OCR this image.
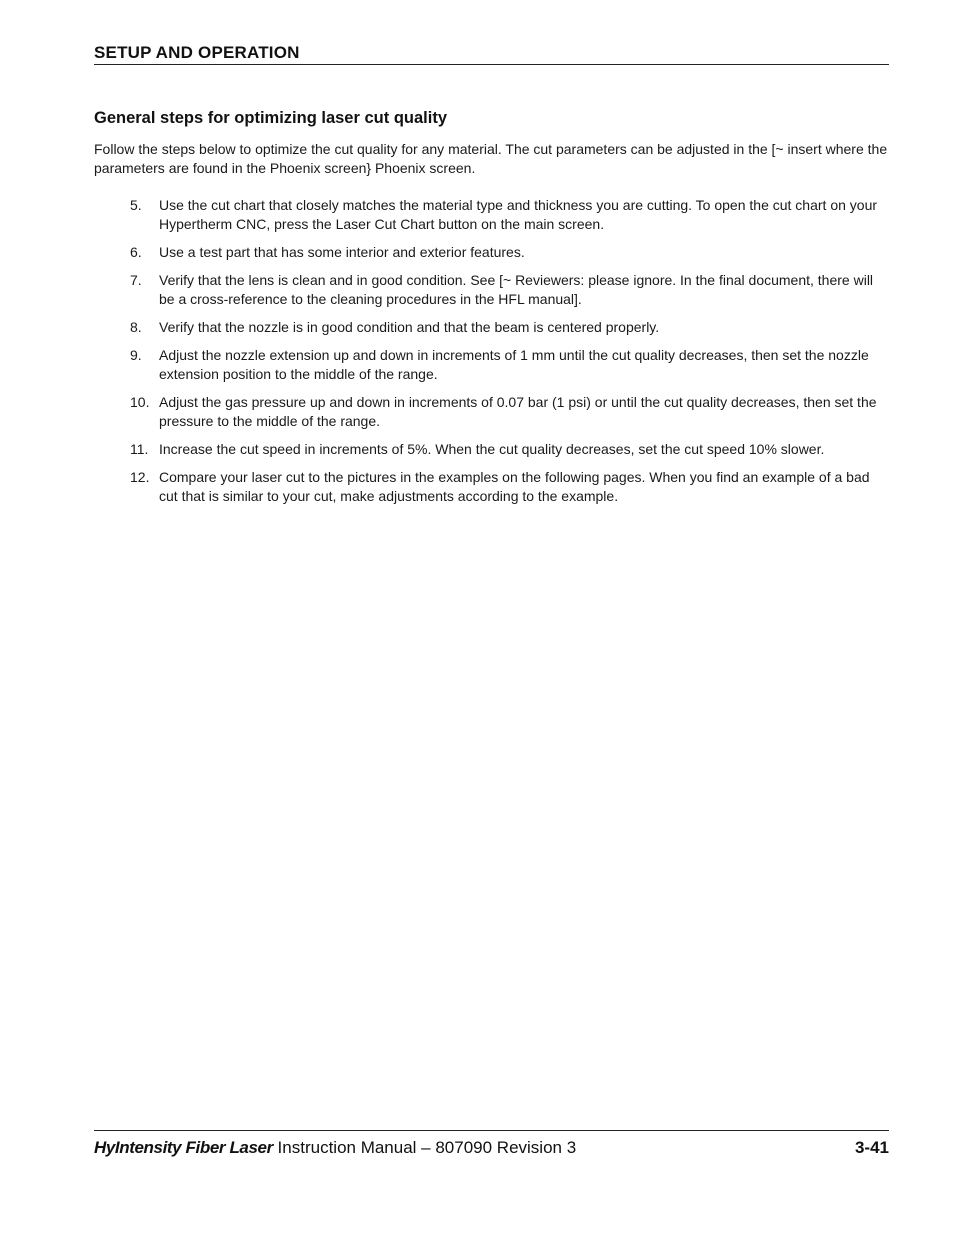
SETUP AND OPERATION
General steps for optimizing laser cut quality
Follow the steps below to optimize the cut quality for any material. The cut parameters can be adjusted in the [~ insert where the parameters are found in the Phoenix screen} Phoenix screen.
5.	Use the cut chart that closely matches the material type and thickness you are cutting. To open the cut chart on your Hypertherm CNC, press the Laser Cut Chart button on the main screen.
6.	Use a test part that has some interior and exterior features.
7.	Verify that the lens is clean and in good condition. See [~ Reviewers: please ignore. In the final document, there will be a cross-reference to the cleaning procedures in the HFL manual].
8.	Verify that the nozzle is in good condition and that the beam is centered properly.
9.	Adjust the nozzle extension up and down in increments of 1 mm until the cut quality decreases, then set the nozzle extension position to the middle of the range.
10. Adjust the gas pressure up and down in increments of 0.07 bar (1 psi) or until the cut quality decreases, then set the pressure to the middle of the range.
11. Increase the cut speed in increments of 5%. When the cut quality decreases, set the cut speed 10% slower.
12. Compare your laser cut to the pictures in the examples on the following pages. When you find an example of a bad cut that is similar to your cut, make adjustments according to the example.
HyIntensity Fiber Laser Instruction Manual – 807090 Revision 3	3-41
